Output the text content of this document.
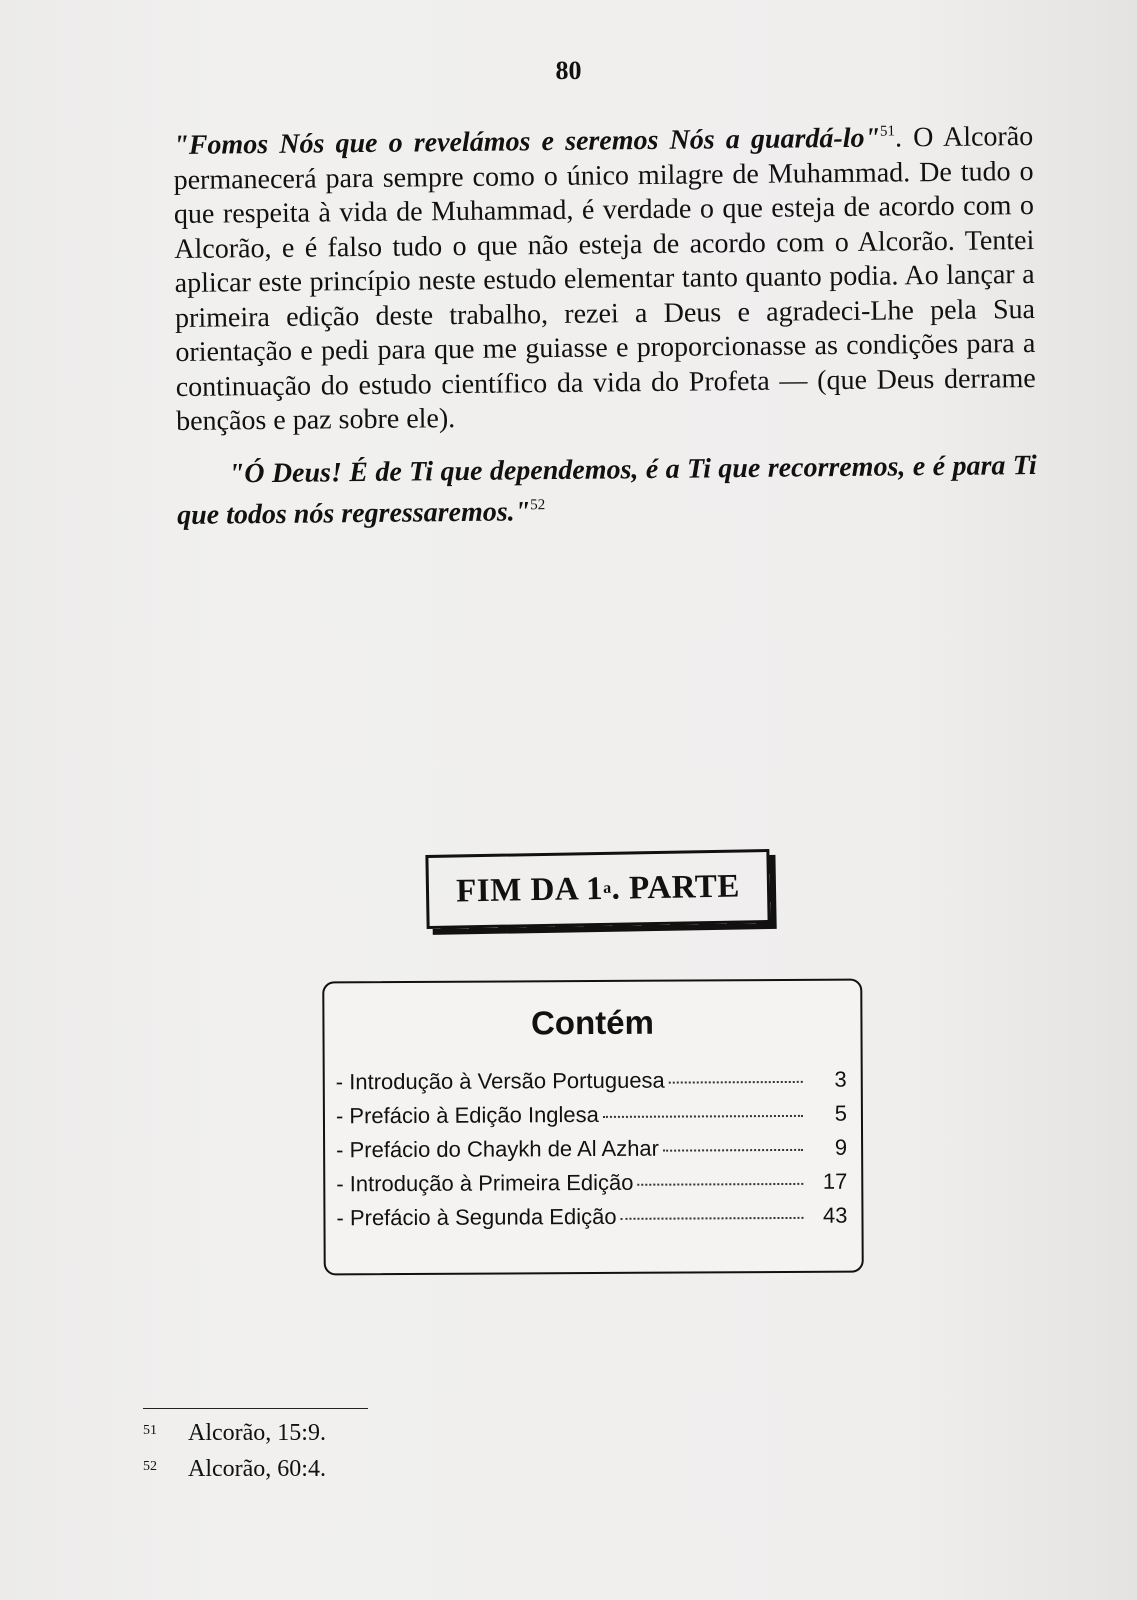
80

"Fomos Nós que o revelámos e seremos Nós a guardá-lo"$^{51}$. O Alcorão permanecerá para sempre como o único milagre de Muhammad. De tudo o que respeita à vida de Muhammad, é verdade o que esteja de acordo com o Alcorão, e é falso tudo o que não esteja de acordo com o Alcorão. Tentei aplicar este princípio neste estudo elementar tanto quanto podia. Ao lançar a primeira edição deste trabalho, rezei a Deus e agradeci-Lhe pela Sua orientação e pedi para que me guiasse e proporcionasse as condições para a continuação do estudo científico da vida do Profeta — (que Deus derrame bençãos e paz sobre ele).

"Ó Deus! É de Ti que dependemos, é a Ti que recorremos, e é para Ti que todos nós regressaremos."$^{52}$

FIM DA 1 a . PARTE
Contém
- Introdução à Versão Portuguesa	3
- Prefácio à Edição Inglesa	5
- Prefácio do Chaykh de Al Azhar	9
- Introdução à Primeira Edição	17
- Prefácio à Segunda Edição	43
51 Alcorão, 15:9.
52 Alcorão, 60:4.
